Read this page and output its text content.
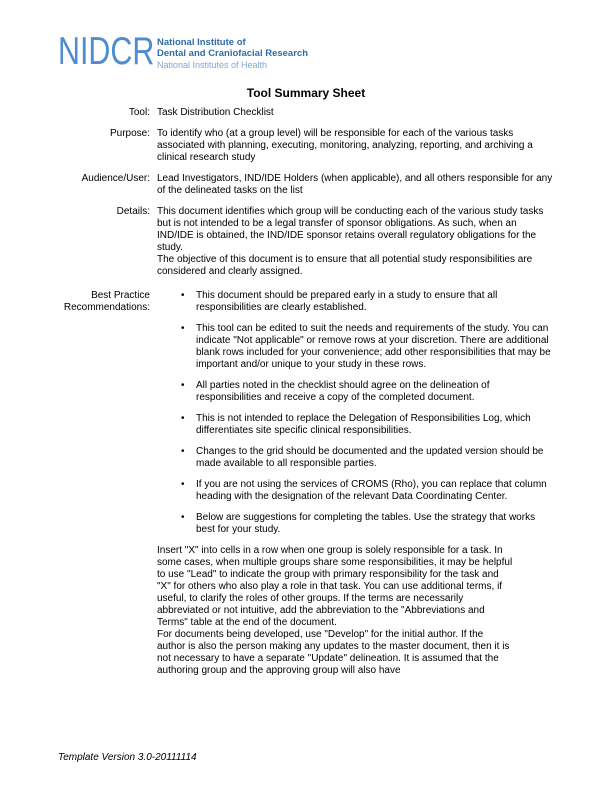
NIDCR National Institute of
Dental and Craniofacial Research
National Institutes of Health
Tool Summary Sheet
Tool: Task Distribution Checklist
Purpose: To identify who (at a group level) will be responsible for each of the various tasks associated with planning, executing, monitoring, analyzing, reporting, and archiving a clinical research study
Audience/User: Lead Investigators, IND/IDE Holders (when applicable), and all others responsible for any of the delineated tasks on the list
Details: This document identifies which group will be conducting each of the various study tasks but is not intended to be a legal transfer of sponsor obligations. As such, when an IND/IDE is obtained, the IND/IDE sponsor retains overall regulatory obligations for the study.

The objective of this document is to ensure that all potential study responsibilities are considered and clearly assigned.

Best Practice Recommendations:
•	This document should be prepared early in a study to ensure that all responsibilities are clearly established.
•	This tool can be edited to suit the needs and requirements of the study. You can indicate "Not applicable" or remove rows at your discretion. There are additional blank rows included for your convenience; add other responsibilities that may be important and/or unique to your study in these rows.
•	All parties noted in the checklist should agree on the delineation of responsibilities and receive a copy of the completed document.
•	This is not intended to replace the Delegation of Responsibilities Log, which differentiates site specific clinical responsibilities.
•	Changes to the grid should be documented and the updated version should be made available to all responsible parties.
•	If you are not using the services of CROMS (Rho), you can replace that column heading with the designation of the relevant Data Coordinating Center.
•	Below are suggestions for completing the tables. Use the strategy that works best for your study.

Insert "X" into cells in a row when one group is solely responsible for a task. In some cases, when multiple groups share some responsibilities, it may be helpful to use "Lead" to indicate the group with primary responsibility for the task and "X" for others who also play a role in that task. You can use additional terms, if useful, to clarify the roles of other groups. If the terms are necessarily abbreviated or not intuitive, add the abbreviation to the "Abbreviations and Terms" table at the end of the document.

For documents being developed, use "Develop" for the initial author. If the author is also the person making any updates to the master document, then it is not necessary to have a separate "Update" delineation. It is assumed that the authoring group and the approving group will also have

Template Version 3.0-20111114
